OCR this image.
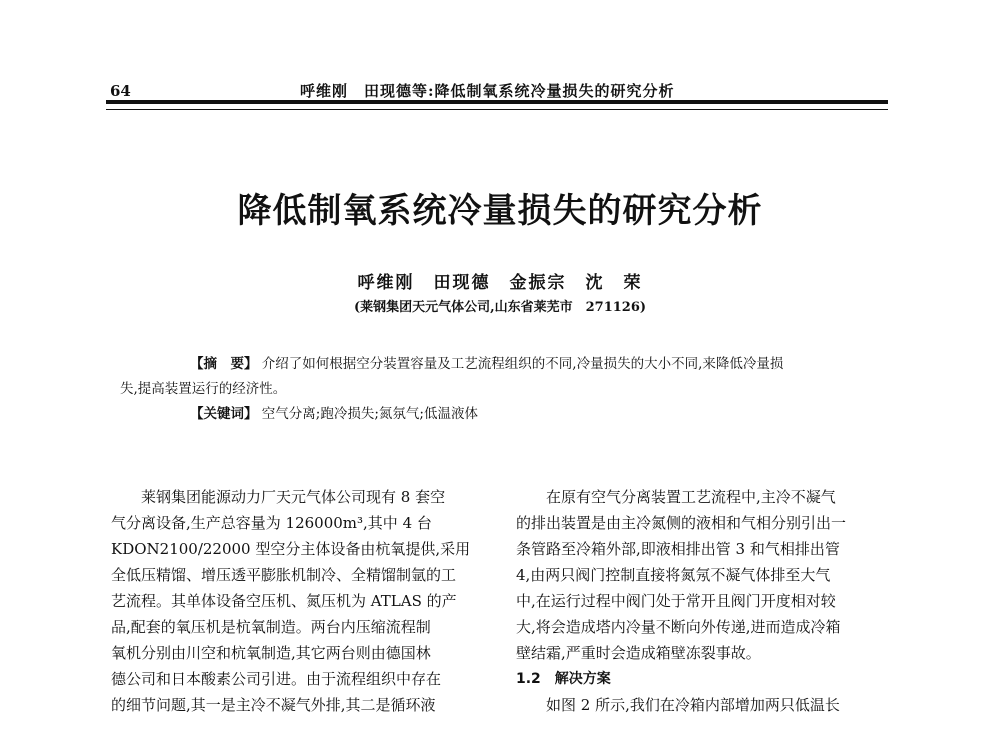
64	呼维刚　田现德等:降低制氧系统冷量损失的研究分析
降低制氧系统冷量损失的研究分析
呼维刚　田现德　金振宗　沈　荣
(莱钢集团天元气体公司,山东省莱芜市　271126)
【摘　要】 介绍了如何根据空分装置容量及工艺流程组织的不同,冷量损失的大小不同,来降低冷量损
失,提高装置运行的经济性。
【关键词】 空气分离;跑冷损失;氮氛气;低温液体
莱钢集团能源动力厂天元气体公司现有 8 套空
气分离设备,生产总容量为 126000m³,其中 4 台
KDON2100/22000 型空分主体设备由杭氧提供,采用
全低压精馏、增压透平膨胀机制冷、全精馏制氩的工
艺流程。其单体设备空压机、氮压机为 ATLAS 的产
品,配套的氧压机是杭氧制造。两台内压缩流程制
氧机分别由川空和杭氧制造,其它两台则由德国林
德公司和日本酸素公司引进。由于流程组织中存在
的细节问题,其一是主冷不凝气外排,其二是循环液
在原有空气分离装置工艺流程中,主冷不凝气
的排出装置是由主冷氮侧的液相和气相分别引出一
条管路至冷箱外部,即液相排出管 3 和气相排出管
4,由两只阀门控制直接将氮氖不凝气体排至大气
中,在运行过程中阀门处于常开且阀门开度相对较
大,将会造成塔内冷量不断向外传递,进而造成冷箱
壁结霜,严重时会造成箱壁冻裂事故。
1.2　解决方案
如图 2 所示,我们在冷箱内部增加两只低温长
